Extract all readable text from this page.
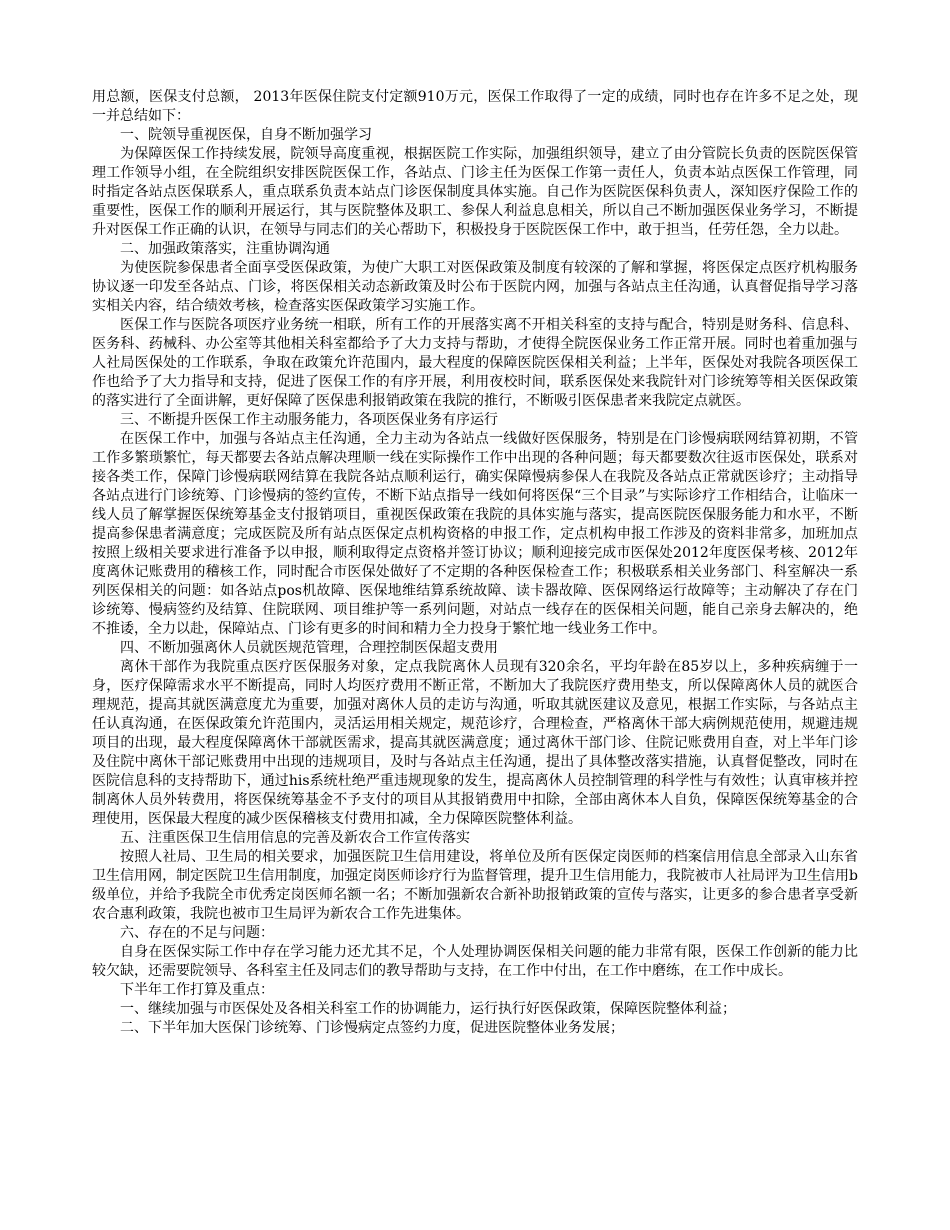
用总额，医保支付总额， 2013年医保住院支付定额910万元，医保工作取得了一定的成绩，同时也存在许多不足之处，现一并总结如下：

一、院领导重视医保，自身不断加强学习

为保障医保工作持续发展，院领导高度重视，根据医院工作实际，加强组织领导，建立了由分管院长负责的医院医保管理工作领导小组，在全院组织安排医院医保工作，各站点、门诊主任为医保工作第一责任人，负责本站点医保工作管理，同时指定各站点医保联系人，重点联系负责本站点门诊医保制度具体实施。自己作为医院医保科负责人，深知医疗保险工作的重要性，医保工作的顺利开展运行，其与医院整体及职工、参保人利益息息相关，所以自己不断加强医保业务学习，不断提升对医保工作正确的认识，在领导与同志们的关心帮助下，积极投身于医院医保工作中，敢于担当，任劳任怨，全力以赴。

二、加强政策落实，注重协调沟通

为使医院参保患者全面享受医保政策，为使广大职工对医保政策及制度有较深的了解和掌握，将医保定点医疗机构服务协议逐一印发至各站点、门诊，将医保相关动态新政策及时公布于医院内网，加强与各站点主任沟通，认真督促指导学习落实相关内容，结合绩效考核，检查落实医保政策学习实施工作。

医保工作与医院各项医疗业务统一相联，所有工作的开展落实离不开相关科室的支持与配合，特别是财务科、信息科、医务科、药械科、办公室等其他相关科室都给予了大力支持与帮助，才使得全院医保业务工作正常开展。同时也着重加强与人社局医保处的工作联系，争取在政策允许范围内，最大程度的保障医院医保相关利益；上半年，医保处对我院各项医保工作也给予了大力指导和支持，促进了医保工作的有序开展，利用夜校时间，联系医保处来我院针对门诊统筹等相关医保政策的落实进行了全面讲解，更好保障了医保患利报销政策在我院的推行，不断吸引医保患者来我院定点就医。

三、不断提升医保工作主动服务能力，各项医保业务有序运行

在医保工作中，加强与各站点主任沟通，全力主动为各站点一线做好医保服务，特别是在门诊慢病联网结算初期，不管工作多繁琐繁忙，每天都要去各站点解决理顺一线在实际操作工作中出现的各种问题；每天都要数次往返市医保处，联系对接各类工作，保障门诊慢病联网结算在我院各站点顺利运行，确实保障慢病参保人在我院及各站点正常就医诊疗；主动指导各站点进行门诊统筹、门诊慢病的签约宣传，不断下站点指导一线如何将医保“三个目录”与实际诊疗工作相结合，让临床一线人员了解掌握医保统筹基金支付报销项目，重视医保政策在我院的具体实施与落实，提高医院医保服务能力和水平，不断提高参保患者满意度；完成医院及所有站点医保定点机构资格的申报工作，定点机构申报工作涉及的资料非常多，加班加点按照上级相关要求进行准备予以申报，顺利取得定点资格并签订协议；顺利迎接完成市医保处2012年度医保考核、2012年度离休记账费用的稽核工作，同时配合市医保处做好了不定期的各种医保检查工作；积极联系相关业务部门、科室解决一系列医保相关的问题：如各站点pos机故障、医保地维结算系统故障、读卡器故障、医保网络运行故障等；主动解决了存在门诊统筹、慢病签约及结算、住院联网、项目维护等一系列问题，对站点一线存在的医保相关问题，能自己亲身去解决的，绝不推诿，全力以赴，保障站点、门诊有更多的时间和精力全力投身于繁忙地一线业务工作中。

四、不断加强离休人员就医规范管理，合理控制医保超支费用

离休干部作为我院重点医疗医保服务对象，定点我院离休人员现有320余名，平均年龄在85岁以上，多种疾病缠于一身，医疗保障需求水平不断提高，同时人均医疗费用不断正常，不断加大了我院医疗费用垫支，所以保障离休人员的就医合理规范，提高其就医满意度尤为重要，加强对离休人员的走访与沟通，听取其就医建议及意见，根据工作实际，与各站点主任认真沟通，在医保政策允许范围内，灵活运用相关规定，规范诊疗，合理检查，严格离休干部大病例规范使用，规避违规项目的出现，最大程度保障离休干部就医需求，提高其就医满意度；通过离休干部门诊、住院记账费用自查，对上半年门诊及住院中离休干部记账费用中出现的违规项目，及时与各站点主任沟通，提出了具体整改落实措施，认真督促整改，同时在医院信息科的支持帮助下，通过his系统杜绝严重违规现象的发生，提高离休人员控制管理的科学性与有效性；认真审核并控制离休人员外转费用，将医保统筹基金不予支付的项目从其报销费用中扣除，全部由离休本人自负，保障医保统筹基金的合理使用，医保最大程度的减少医保稽核支付费用扣减，全力保障医院整体利益。

五、注重医保卫生信用信息的完善及新农合工作宣传落实

按照人社局、卫生局的相关要求，加强医院卫生信用建设，将单位及所有医保定岗医师的档案信用信息全部录入山东省卫生信用网，制定医院卫生信用制度，加强定岗医师诊疗行为监督管理，提升卫生信用能力，我院被市人社局评为卫生信用b级单位，并给予我院全市优秀定岗医师名额一名；不断加强新农合新补助报销政策的宣传与落实，让更多的参合患者享受新农合惠利政策，我院也被市卫生局评为新农合工作先进集体。

六、存在的不足与问题：

自身在医保实际工作中存在学习能力还尤其不足，个人处理协调医保相关问题的能力非常有限，医保工作创新的能力比较欠缺，还需要院领导、各科室主任及同志们的教导帮助与支持，在工作中付出，在工作中磨练，在工作中成长。

下半年工作打算及重点：

一、继续加强与市医保处及各相关科室工作的协调能力，运行执行好医保政策，保障医院整体利益；

二、下半年加大医保门诊统筹、门诊慢病定点签约力度，促进医院整体业务发展；
